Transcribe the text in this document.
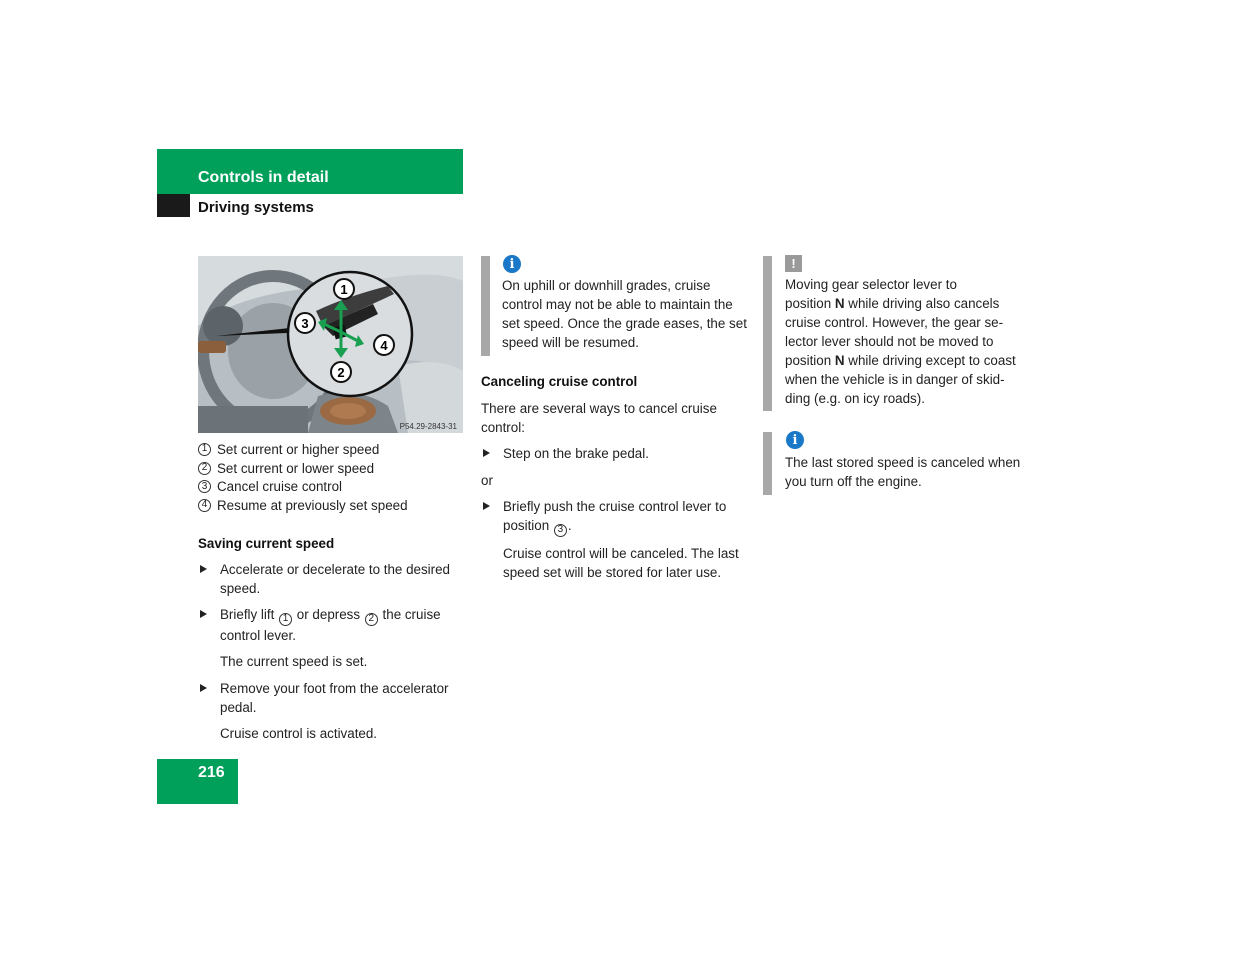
Controls in detail
Driving systems
1
2
3
4
P54.29-2843-31
1 Set current or higher speed
2 Set current or lower speed
3 Cancel cruise control
4 Resume at previously set speed
Saving current speed

Accelerate or decelerate to the desired speed.

Briefly lift 1 or depress 2 the cruise control lever.

The current speed is set.

Remove your foot from the accelerator pedal.

Cruise control is activated.

216
i

On uphill or downhill grades, cruise control may not be able to maintain the set speed. Once the grade eases, the set speed will be resumed.

Canceling cruise control

There are several ways to cancel cruise control:

Step on the brake pedal.

or

Briefly push the cruise control lever to position 3 .

Cruise control will be canceled. The last speed set will be stored for later use.

!

Moving gear selector lever to

position N while driving also cancels

cruise control. However, the gear se-

lector lever should not be moved to

position N while driving except to coast

when the vehicle is in danger of skid-

ding (e.g. on icy roads).

i

The last stored speed is canceled when you turn off the engine.
